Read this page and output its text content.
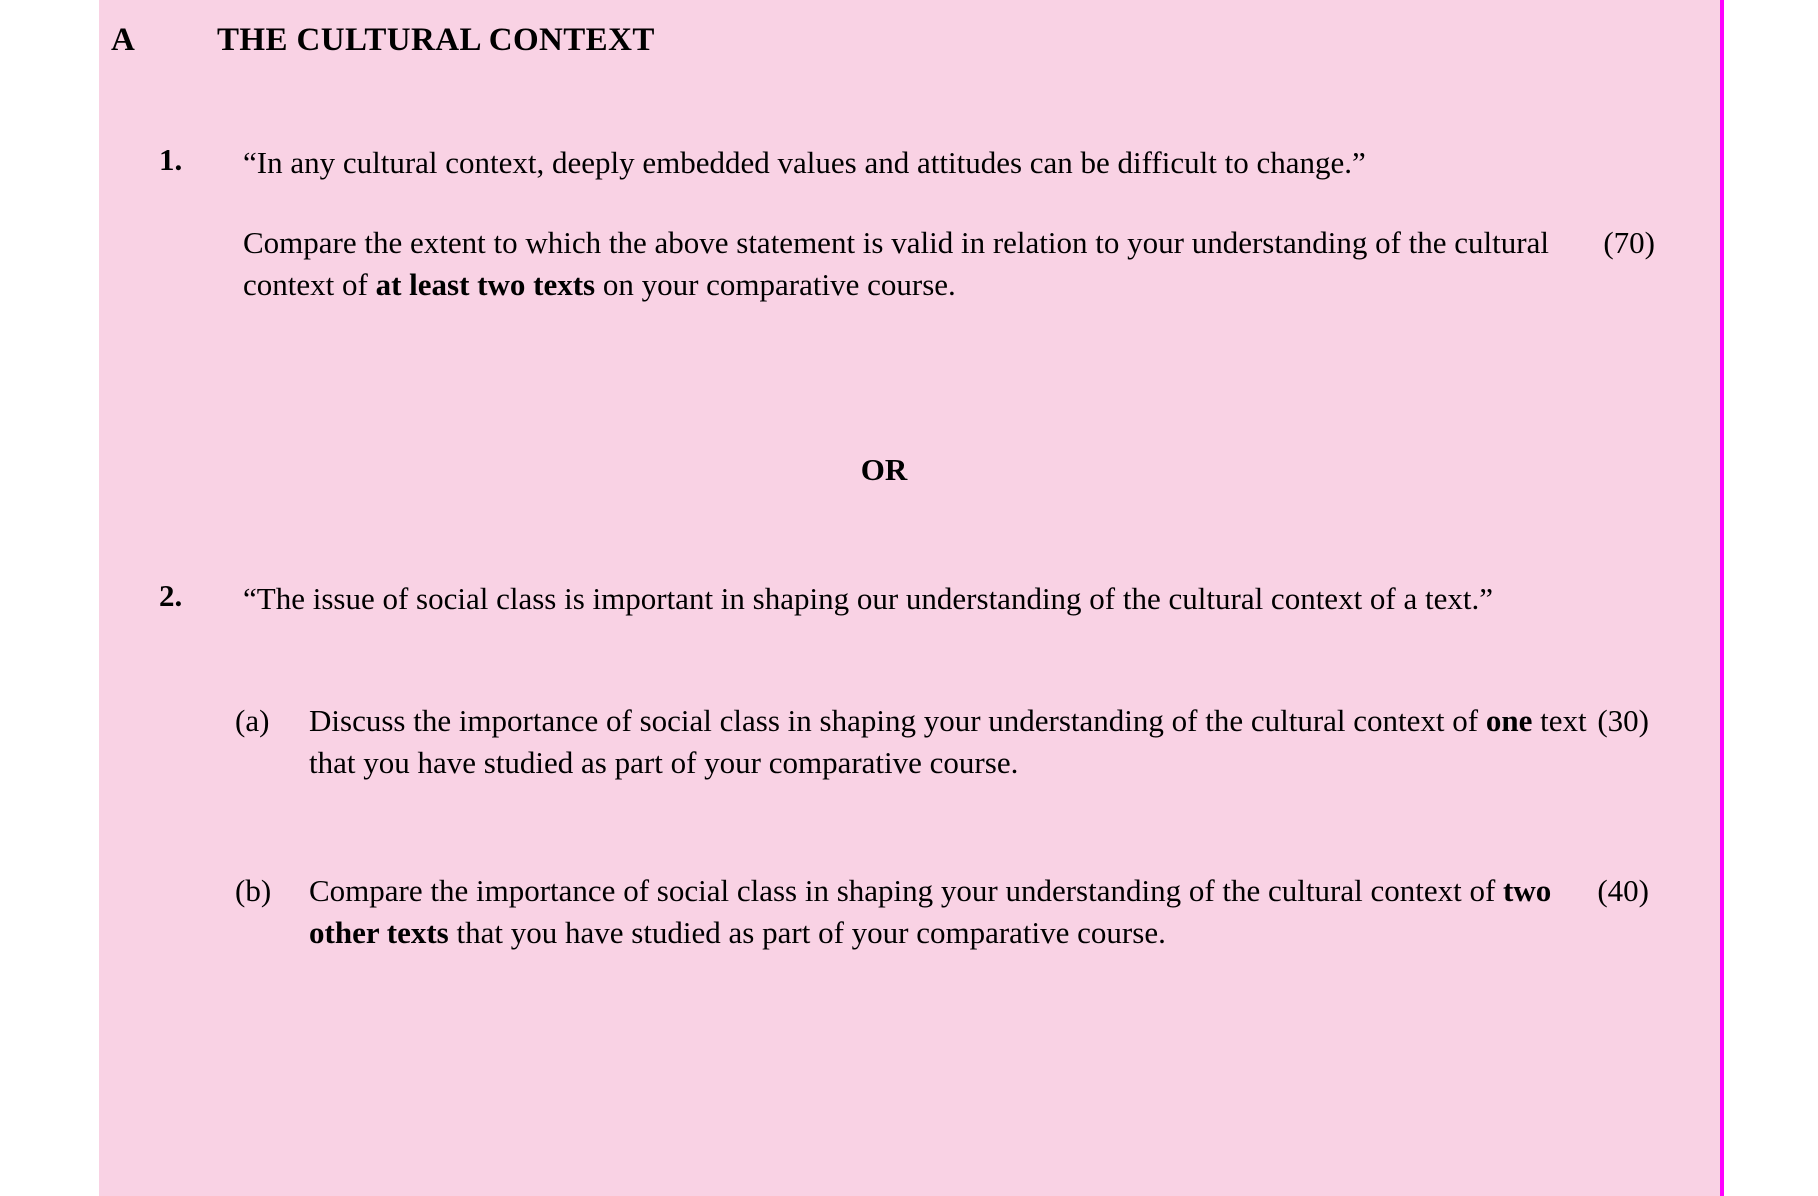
A	THE CULTURAL CONTEXT
1.	“In any cultural context, deeply embedded values and attitudes can be difficult to change.”

(70)
Compare the extent to which the above statement is valid in relation to your understanding of the cultural context of at least two texts on your comparative course.

OR
2.	“The issue of social class is important in shaping our understanding of the cultural context of a text.”

(a)	(30)
Discuss the importance of social class in shaping your understanding of the cultural context of one text that you have studied as part of your comparative course.
(b)	(40)
Compare the importance of social class in shaping your understanding of the cultural context of two other texts that you have studied as part of your comparative course.
